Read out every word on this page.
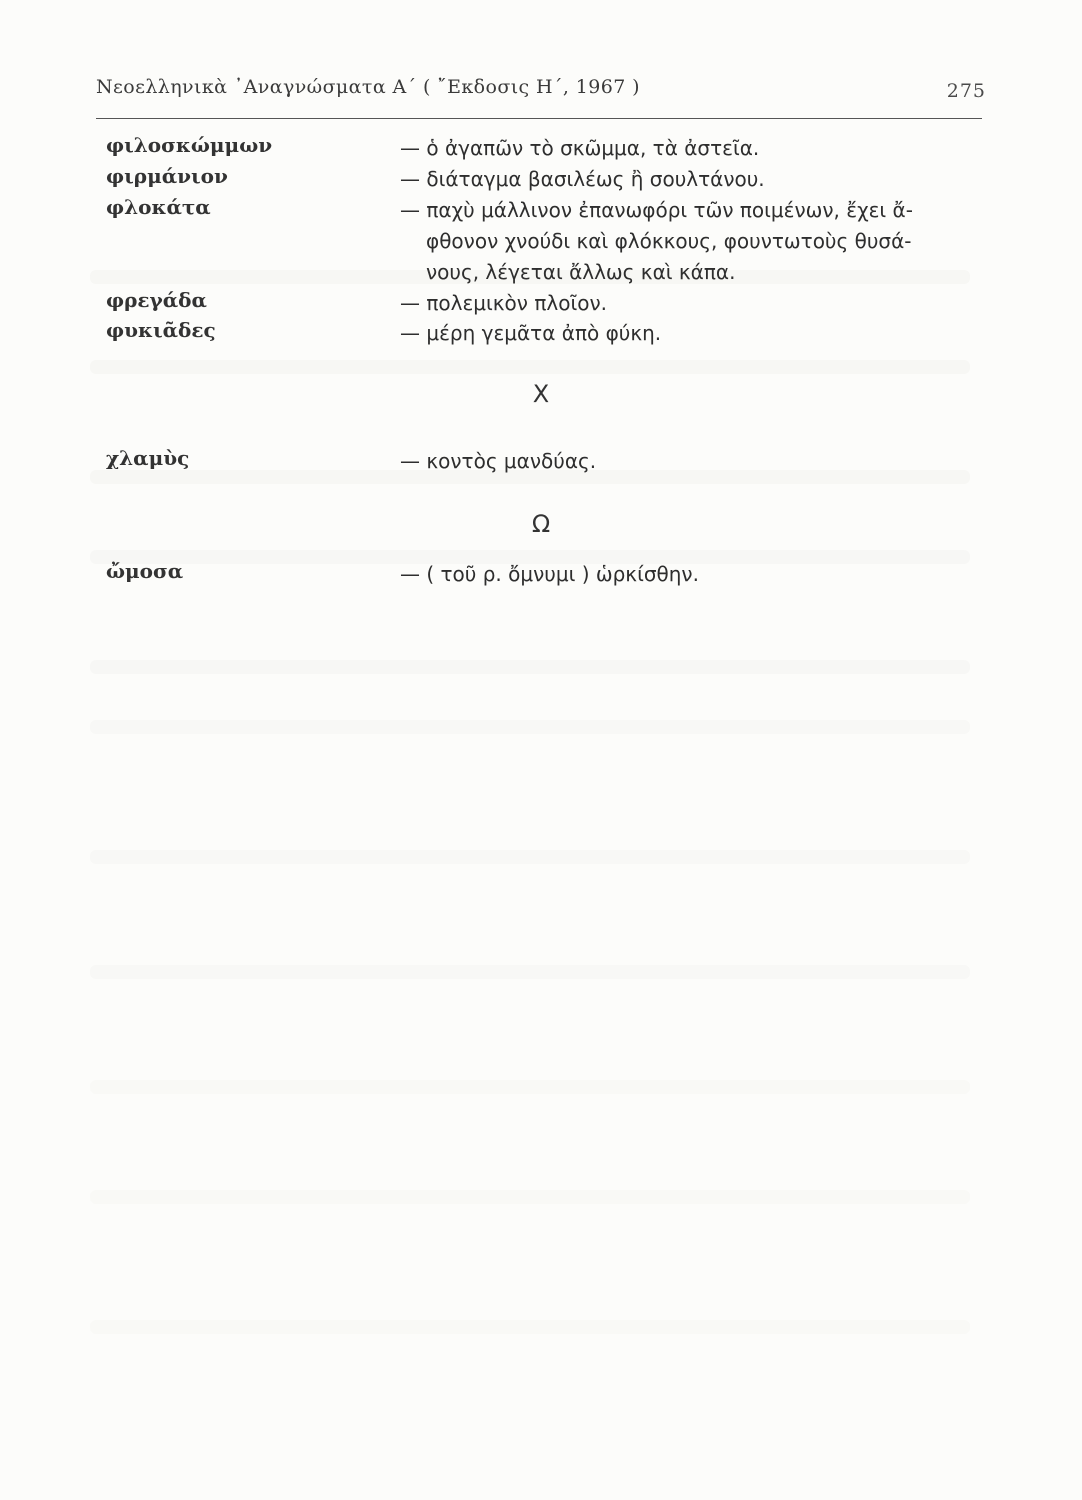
Νεοελληνικὰ ᾿Αναγνώσματα Α΄ ( ῎Εκδοσις Η΄, 1967 )	275
φιλοσκώμμων	— ὁ ἀγαπῶν τὸ σκῶμμα, τὰ ἀστεῖα.
φιρμάνιον	— διάταγμα βασιλέως ἢ σουλτάνου.
φλοκάτα	— παχὺ μάλλινον ἐπανωφόρι τῶν ποιμένων, ἔχει ἄ-
φθονον χνούδι καὶ φλόκκους, φουντωτοὺς θυσά-
νους, λέγεται ἄλλως καὶ κάπα.
φρεγάδα	— πολεμικὸν πλοῖον.
φυκιᾶδες	— μέρη γεμᾶτα ἀπὸ φύκη.
Χ
χλαμὺς	— κοντὸς μανδύας.
Ω
ὤμοσα	— ( τοῦ ρ. ὄμνυμι ) ὡρκίσθην.
